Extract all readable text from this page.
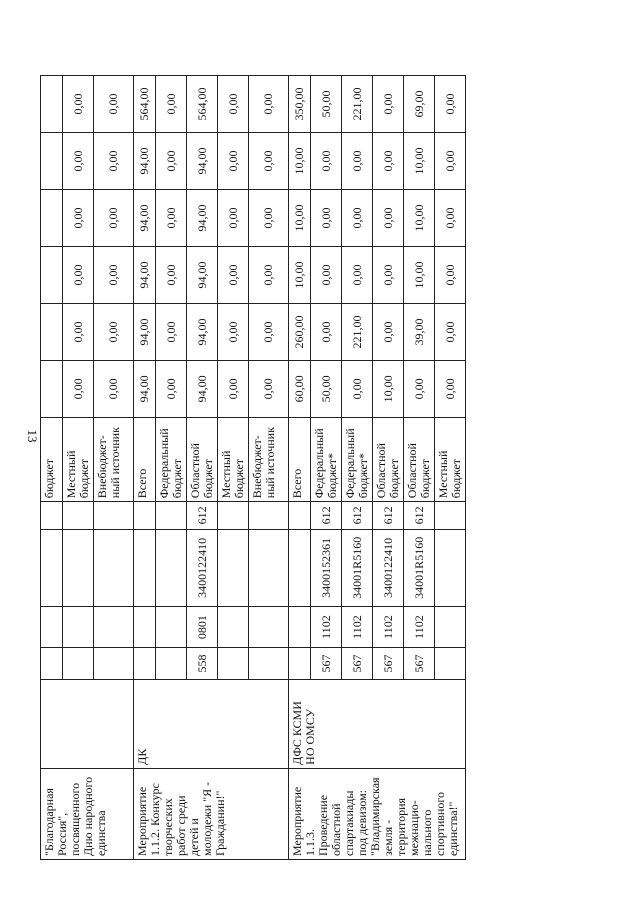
13
"Благодарная Россия", посвященного Дню народного единства						бюджет						
						Местный бюджет	0,00	0,00	0,00	0,00	0,00	0,00
						Внебюджет-ный источник	0,00	0,00	0,00	0,00	0,00	0,00
Мероприятие 1.1.2. Конкурс творческих работ среди детей и молодежи "Я - Гражданин!"	ДК					Всего	94,00	94,00	94,00	94,00	94,00	564,00
						Федеральный бюджет	0,00	0,00	0,00	0,00	0,00	0,00
		558	0801	3400122410	612	Областной бюджет	94,00	94,00	94,00	94,00	94,00	564,00
						Местный бюджет	0,00	0,00	0,00	0,00	0,00	0,00
						Внебюджет-ный источник	0,00	0,00	0,00	0,00	0,00	0,00
Мероприятие 1.1.3. Проведение областной спартакиады под девизом: "Владимирская земля - территория межнацио-нального спортивного единства!"	ДФС КСМИ НО ОМСУ					Всего	60,00	260,00	10,00	10,00	10,00	350,00
		567	1102	3400152361	612	Федеральный бюджет*	50,00	0,00	0,00	0,00	0,00	50,00
		567	1102	34001R5160	612	Федеральный бюджет*	0,00	221,00	0,00	0,00	0,00	221,00
		567	1102	3400122410	612	Областной бюджет	10,00	0,00	0,00	0,00	0,00	0,00
		567	1102	34001R5160	612	Областной бюджет	0,00	39,00	10,00	10,00	10,00	69,00
						Местный бюджет	0,00	0,00	0,00	0,00	0,00	0,00
